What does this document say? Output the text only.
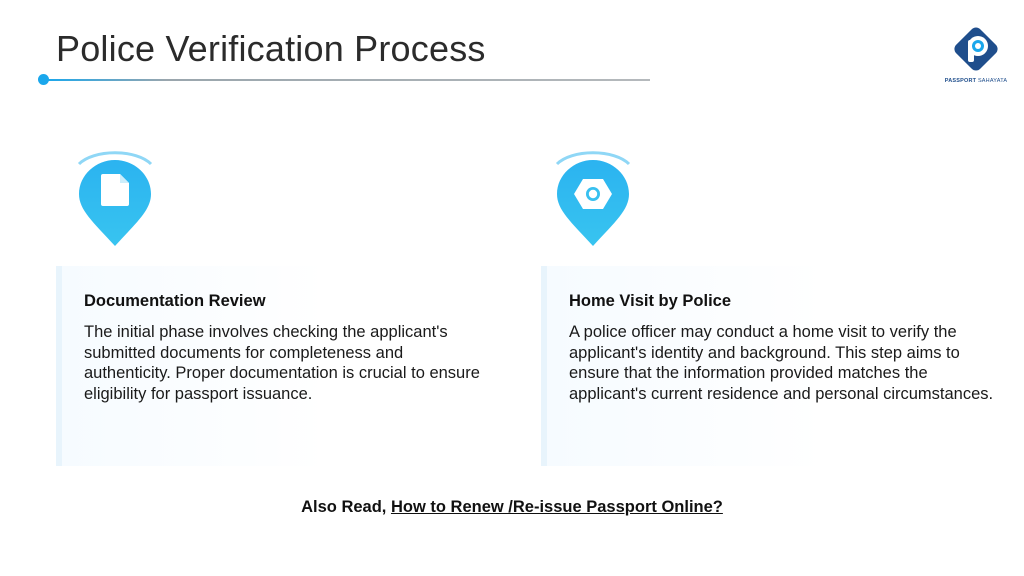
Police Verification Process
PASSPORT SAHAYATA
Documentation Review

The initial phase involves checking the applicant's submitted documents for completeness and authenticity. Proper documentation is crucial to ensure eligibility for passport issuance.

Home Visit by Police

A police officer may conduct a home visit to verify the applicant's identity and background. This step aims to ensure that the information provided matches the applicant's current residence and personal circumstances.

Also Read, How to Renew /Re-issue Passport Online?
